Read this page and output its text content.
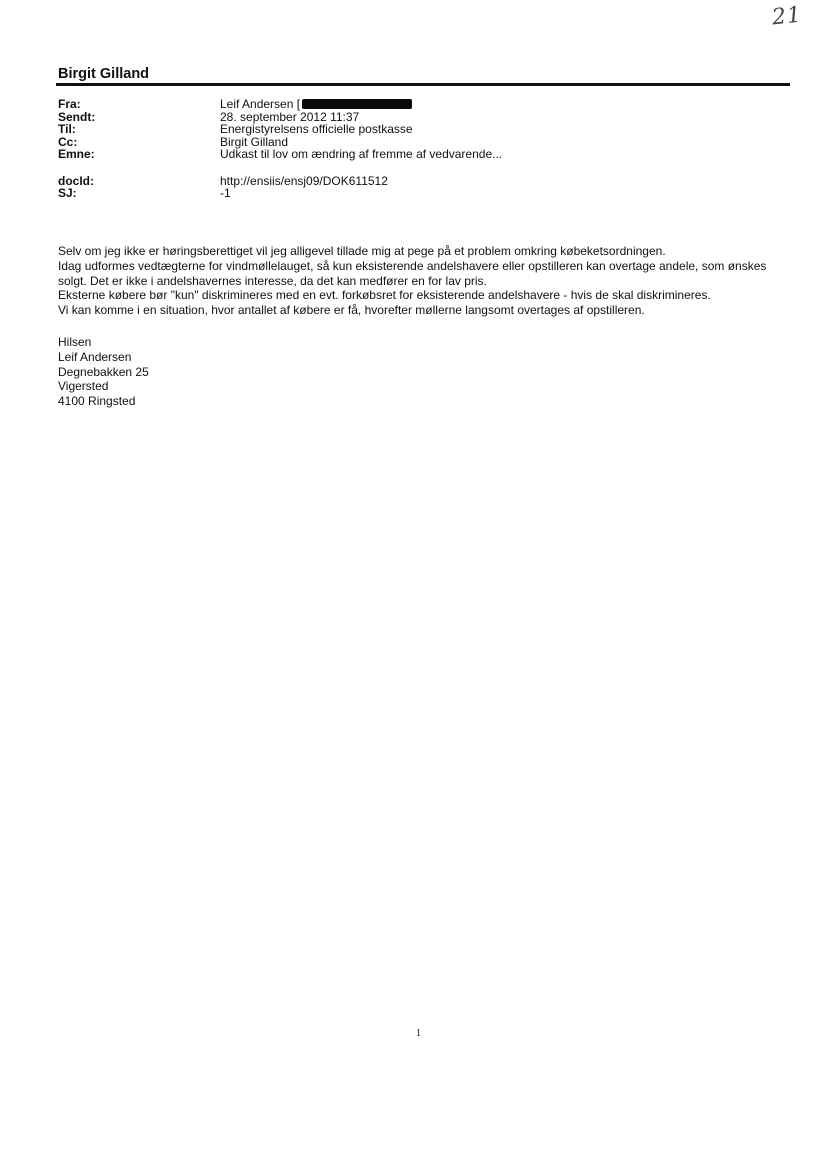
21
Birgit Gilland
Fra:	Leif Andersen [
Sendt:	28. september 2012 11:37
Til:	Energistyrelsens officielle postkasse
Cc:	Birgit Gilland
Emne:	Udkast til lov om ændring af fremme af vedvarende...

docId:	http://ensiis/ensj09/DOK611512
SJ:	-1

Selv om jeg ikke er høringsberettiget vil jeg alligevel tillade mig at pege på et problem omkring købeketsordningen.

Idag udformes vedtægterne for vindmøllelauget, så kun eksisterende andelshavere eller opstilleren kan overtage andele, som ønskes solgt. Det er ikke i andelshavernes interesse, da det kan medfører en for lav pris.

Eksterne købere bør "kun" diskrimineres med en evt. forkøbsret for eksisterende andelshavere - hvis de skal diskrimineres.

Vi kan komme i en situation, hvor antallet af købere er få, hvorefter møllerne langsomt overtages af opstilleren.

Hilsen
Leif Andersen
Degnebakken 25
Vigersted
4100 Ringsted
1
